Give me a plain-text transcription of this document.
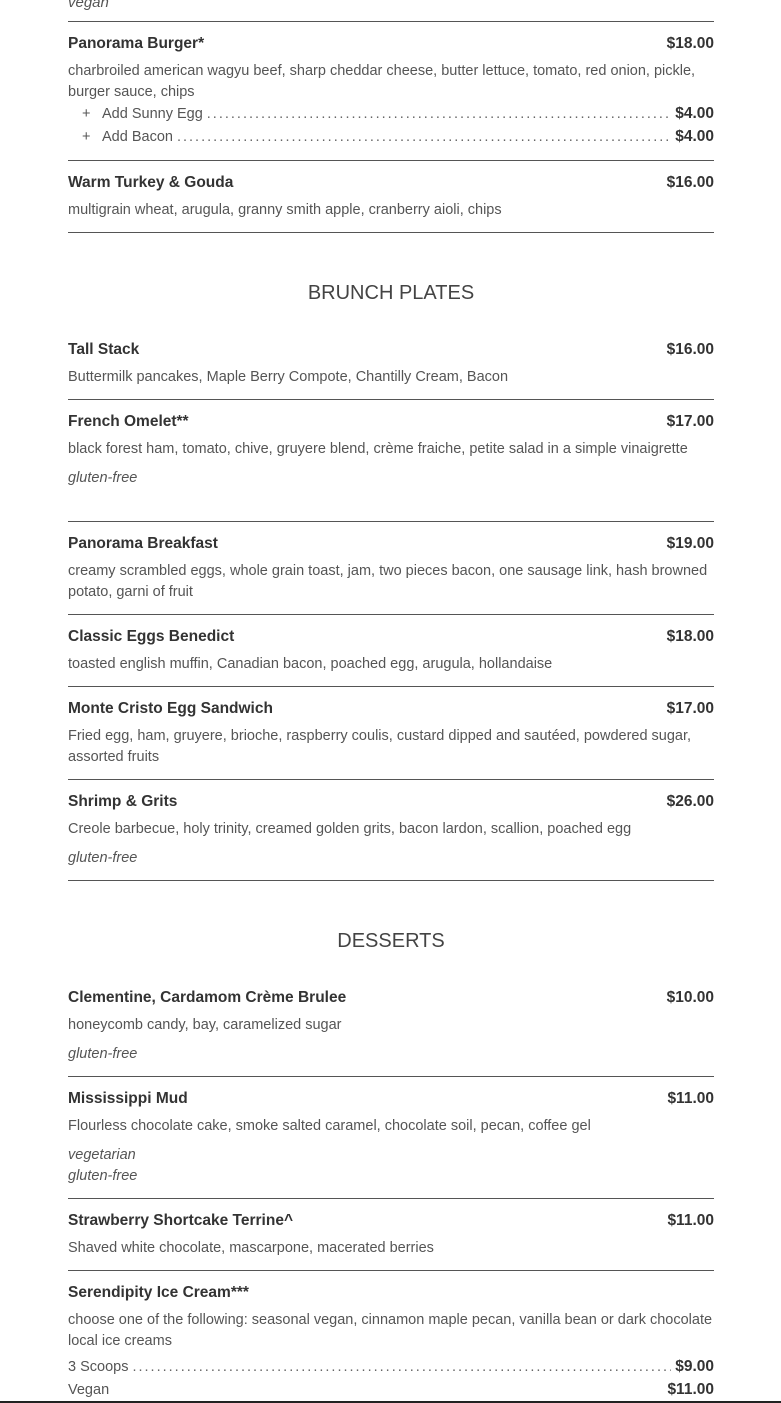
vegan
Panorama Burger*	$18.00
charbroiled american wagyu beef, sharp cheddar cheese, butter lettuce, tomato, red onion, pickle, burger sauce, chips
+ Add Sunny Egg .....	$4.00
+ Add Bacon .....	$4.00
Warm Turkey & Gouda	$16.00
multigrain wheat, arugula, granny smith apple, cranberry aioli, chips
BRUNCH PLATES
Tall Stack	$16.00
Buttermilk pancakes, Maple Berry Compote, Chantilly Cream, Bacon
French Omelet**	$17.00
black forest ham, tomato, chive, gruyere blend, crème fraiche, petite salad in a simple vinaigrette
gluten-free
Panorama Breakfast	$19.00
creamy scrambled eggs, whole grain toast, jam, two pieces bacon, one sausage link, hash browned potato, garni of fruit
Classic Eggs Benedict	$18.00
toasted english muffin, Canadian bacon, poached egg, arugula, hollandaise
Monte Cristo Egg Sandwich	$17.00
Fried egg, ham, gruyere, brioche, raspberry coulis, custard dipped and sautéed, powdered sugar, assorted fruits
Shrimp & Grits	$26.00
Creole barbecue, holy trinity, creamed golden grits, bacon lardon, scallion, poached egg
gluten-free
DESSERTS
Clementine, Cardamom Crème Brulee	$10.00
honeycomb candy, bay, caramelized sugar
gluten-free
Mississippi Mud	$11.00
Flourless chocolate cake, smoke salted caramel, chocolate soil, pecan, coffee gel
vegetarian
gluten-free
Strawberry Shortcake Terrine^	$11.00
Shaved white chocolate, mascarpone, macerated berries
Serendipity Ice Cream***
choose one of the following: seasonal vegan, cinnamon maple pecan, vanilla bean or dark chocolate local ice creams
3 Scoops .....	$9.00
Vegan	$11.00
